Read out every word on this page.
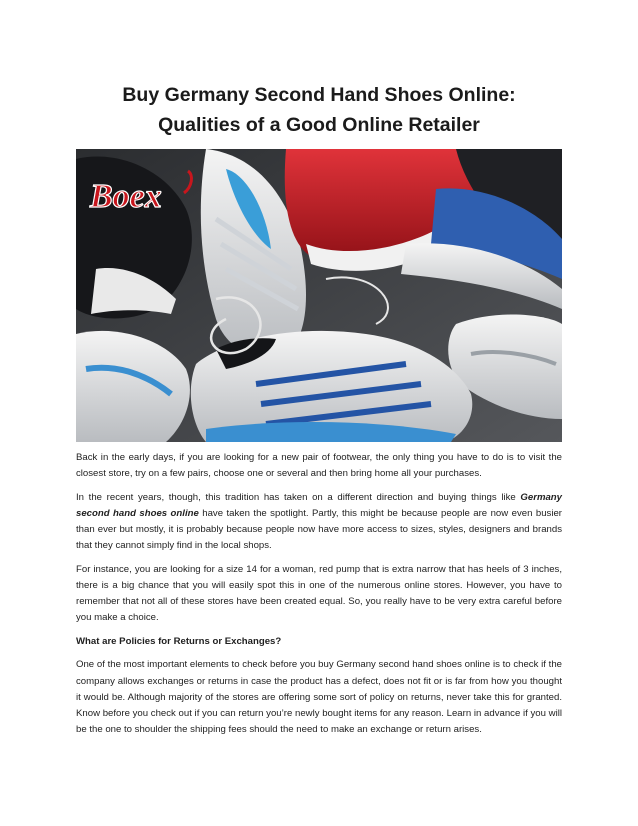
Buy Germany Second Hand Shoes Online:
Qualities of a Good Online Retailer
Boex

Back in the early days, if you are looking for a new pair of footwear, the only thing you have to do is to visit the closest store, try on a few pairs, choose one or several and then bring home all your purchases.

In the recent years, though, this tradition has taken on a different direction and buying things like Germany second hand shoes online have taken the spotlight. Partly, this might be because people are now even busier than ever but mostly, it is probably because people now have more access to sizes, styles, designers and brands that they cannot simply find in the local shops.

For instance, you are looking for a size 14 for a woman, red pump that is extra narrow that has heels of 3 inches, there is a big chance that you will easily spot this in one of the numerous online stores. However, you have to remember that not all of these stores have been created equal. So, you really have to be very extra careful before you make a choice.

What are Policies for Returns or Exchanges?

One of the most important elements to check before you buy Germany second hand shoes online is to check if the company allows exchanges or returns in case the product has a defect, does not fit or is far from how you thought it would be. Although majority of the stores are offering some sort of policy on returns, never take this for granted. Know before you check out if you can return you’re newly bought items for any reason. Learn in advance if you will be the one to shoulder the shipping fees should the need to make an exchange or return arises.
